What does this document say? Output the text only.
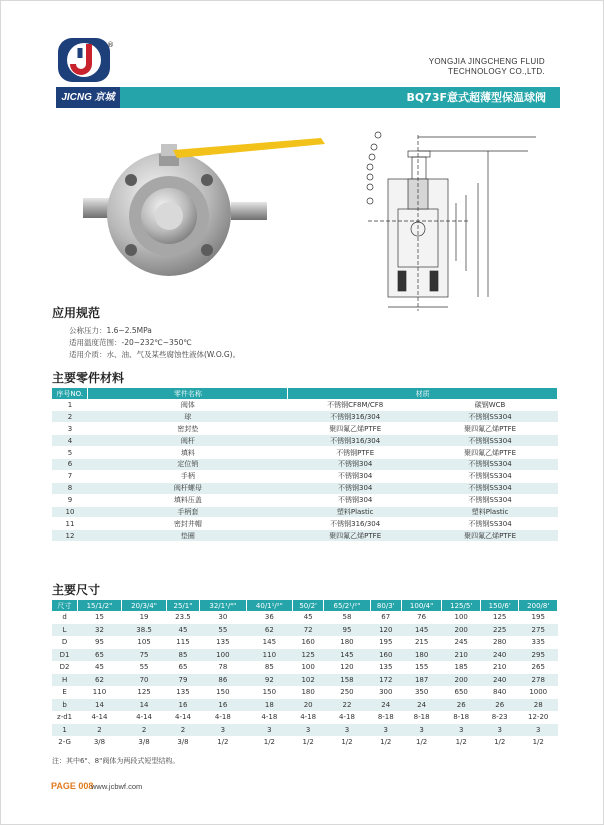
®
YONGJIA JINGCHENG FLUID
TECHNOLOGY CO.,LTD.
JICNG 京城	BQ73F意式超薄型保温球阀
应用规范
公称压力：1.6~2.5MPa
适用温度范围：-20~232℃~350℃
适用介质：水、油、气及某些腐蚀性液体(W.O.G)。
主要零件材料
序号NO.	零件名称	材质	
1	阀体	不锈钢CF8M/CF8	碳钢WCB
2	球	不锈钢316/304	不锈钢SS304
3	密封垫	聚四氟乙烯PTFE	聚四氟乙烯PTFE
4	阀杆	不锈钢316/304	不锈钢SS304
5	填料	不锈钢PTFE	聚四氟乙烯PTFE
6	定位销	不锈钢304	不锈钢SS304
7	手柄	不锈钢304	不锈钢SS304
8	阀杆螺母	不锈钢304	不锈钢SS304
9	填料压盖	不锈钢304	不锈钢SS304
10	手柄套	塑料Plastic	塑料Plastic
11	密封井帽	不锈钢316/304	不锈钢SS304
12	垫圈	聚四氟乙烯PTFE	聚四氟乙烯PTFE
主要尺寸
尺寸	15/1/2"	20/3/4"	25/1"	32/1¹/⁴"	40/1¹/²"	50/2'	65/2¹/²"	80/3'	100/4"	125/5'	150/6'	200/8'
d	15	19	23.5	30	36	45	58	67	76	100	125	195
L	32	38.5	45	55	62	72	95	120	145	200	225	275
D	95	105	115	135	145	160	180	195	215	245	280	335
D1	65	75	85	100	110	125	145	160	180	210	240	295
D2	45	55	65	78	85	100	120	135	155	185	210	265
H	62	70	79	86	92	102	158	172	187	200	240	278
E	110	125	135	150	150	180	250	300	350	650	840	1000
b	14	14	16	16	18	20	22	24	24	26	26	28
z-d1	4-14	4-14	4-14	4-18	4-18	4-18	4-18	8-18	8-18	8-18	8-23	12-20
1	2	2	2	3	3	3	3	3	3	3	3	3
2-G	3/8	3/8	3/8	1/2	1/2	1/2	1/2	1/2	1/2	1/2	1/2	1/2
注：其中6"、8"阀体为两段式短型结构。
PAGE 008
www.jcbwf.com
